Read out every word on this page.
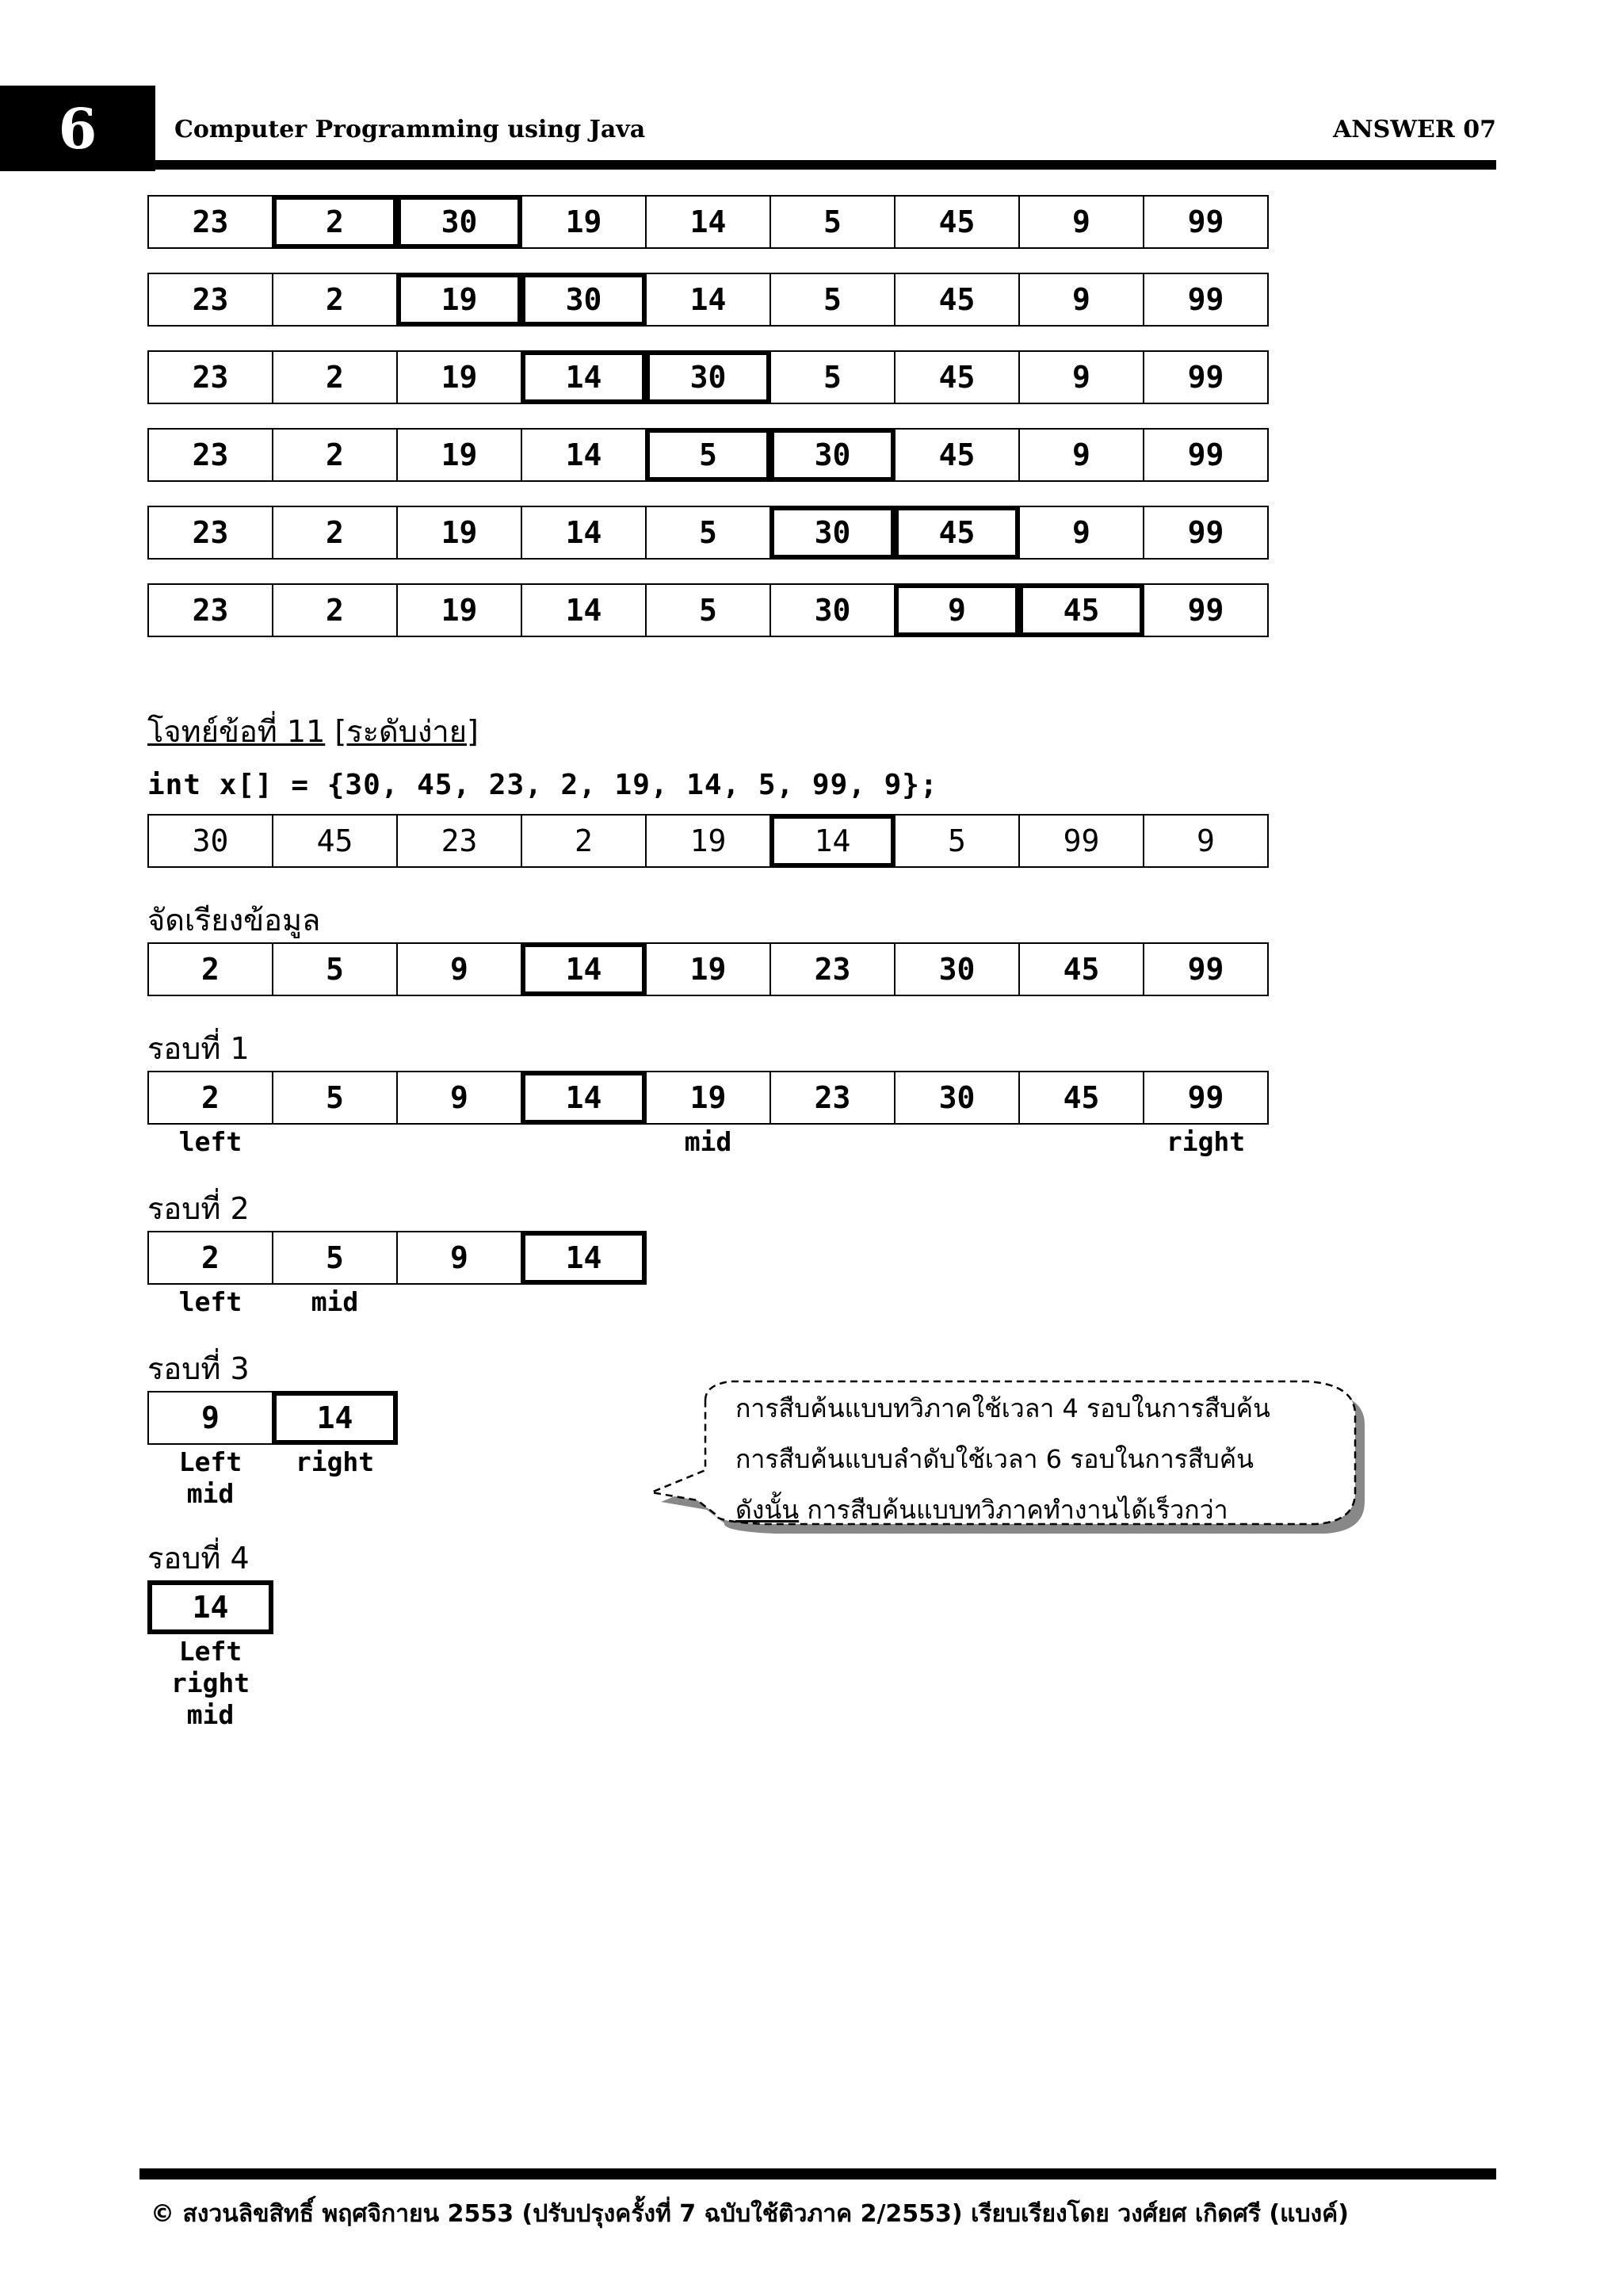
6	Computer Programming using Java	ANSWER 07
23	2	30	19	14	5	45	9	99
23	2	19	30	14	5	45	9	99
23	2	19	14	30	5	45	9	99
23	2	19	14	5	30	45	9	99
23	2	19	14	5	30	45	9	99
23	2	19	14	5	30	9	45	99
โจทย์ข้อที่ 11 [ระดับง่าย]
int x[] = {30, 45, 23, 2, 19, 14, 5, 99, 9};
30	45	23	2	19	14	5	99	9
จัดเรียงข้อมูล
2	5	9	14	19	23	30	45	99
รอบที่ 1
2	5	9	14	19	23	30	45	99
left	mid	right
รอบที่ 2
2	5	9	14
left	mid
รอบที่ 3
9	14
Left
mid
right
รอบที่ 4
14
Left
right
mid
การสืบค้นแบบทวิภาคใช้เวลา 4 รอบในการสืบค้น
การสืบค้นแบบลำดับใช้เวลา 6 รอบในการสืบค้น
ดังนั้น การสืบค้นแบบทวิภาคทำงานได้เร็วกว่า
© สงวนลิขสิทธิ์ พฤศจิกายน 2553 (ปรับปรุงครั้งที่ 7 ฉบับใช้ติวภาค 2/2553) เรียบเรียงโดย วงศ์ยศ เกิดศรี (แบงค์)
